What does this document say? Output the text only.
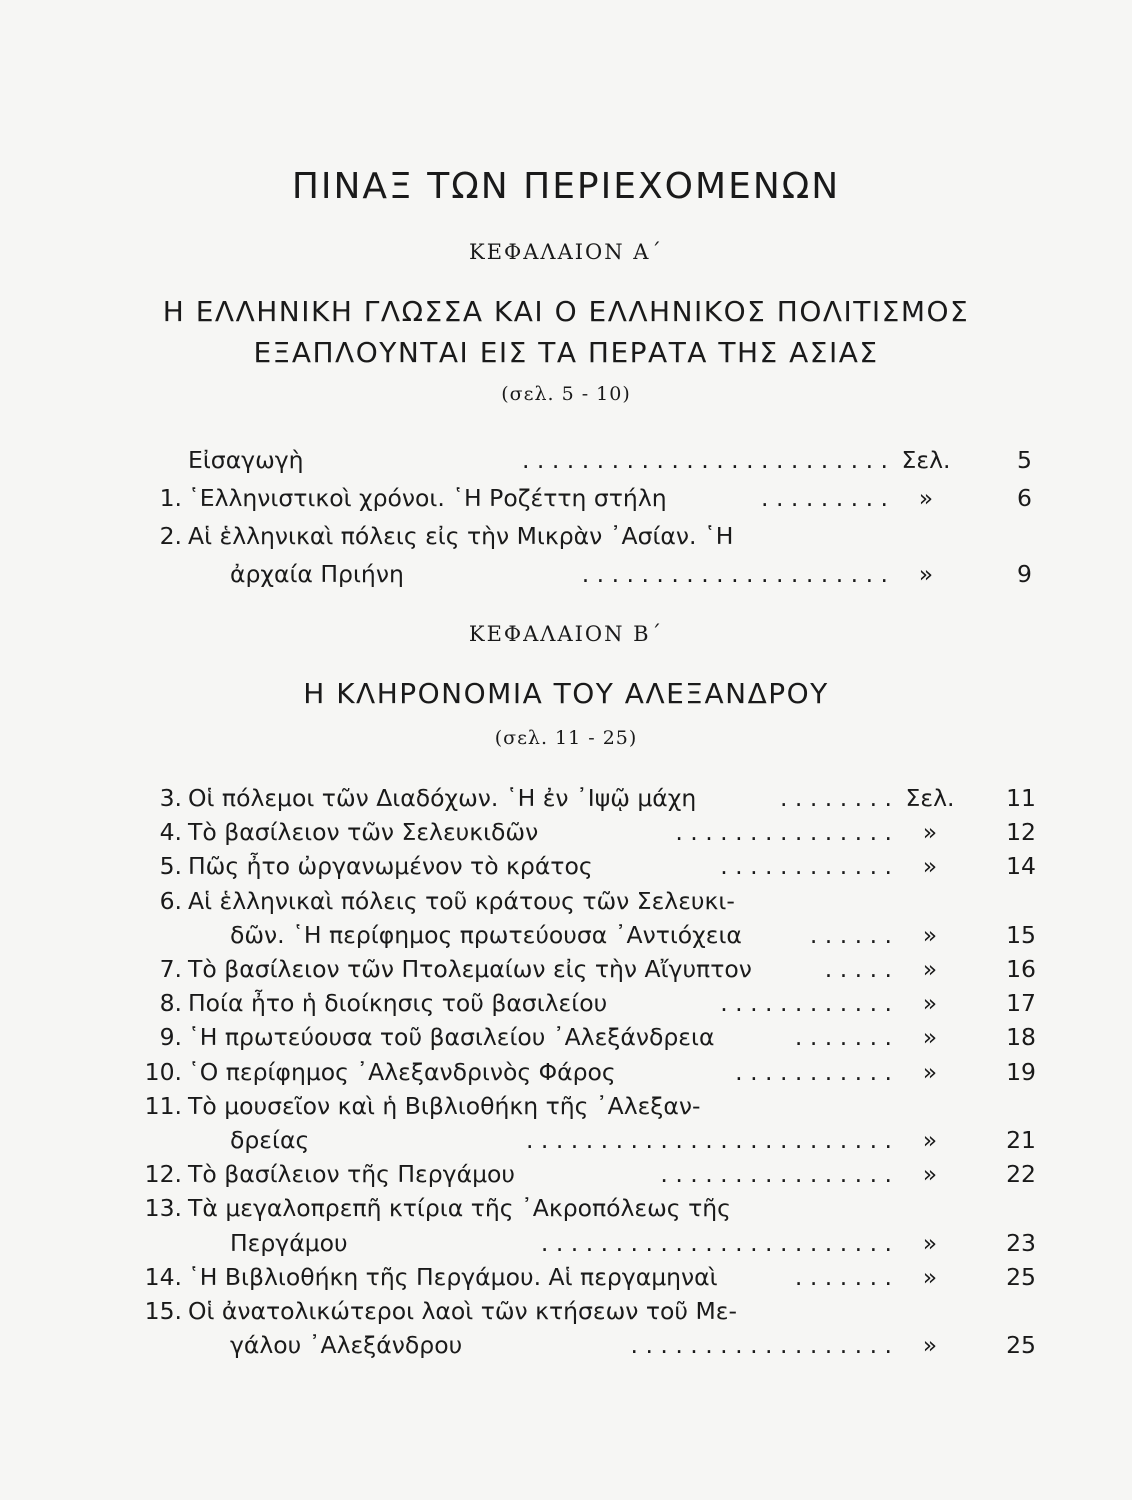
ΠΙΝΑΞ ΤΩΝ ΠΕΡΙΕΧΟΜΕΝΩΝ
ΚΕΦΑΛΑΙΟΝ Α΄
Η ΕΛΛΗΝΙΚΗ ΓΛΩΣΣΑ ΚΑΙ Ο ΕΛΛΗΝΙΚΟΣ ΠΟΛΙΤΙΣΜΟΣ
ΕΞΑΠΛΟΥΝΤΑΙ ΕΙΣ ΤΑ ΠΕΡΑΤΑ ΤΗΣ ΑΣΙΑΣ
(σελ. 5 - 10)
Εἰσαγωγὴ	. . . . . . . . . . . . . . . . . . . . . . . . . Σελ.	5
1. ῾Ελληνιστικοὶ χρόνοι. ῾Η Ροζέττη στήλη	. . . . . . . . .	»	6
2. Αἱ ἑλληνικαὶ πόλεις εἰς τὴν Μικρὰν ᾿Ασίαν. ῾Η
ἀρχαία Πριήνη	. . . . . . . . . . . . . . . . . . . . .	»	9
ΚΕΦΑΛΑΙΟΝ Β΄
Η ΚΛΗΡΟΝΟΜΙΑ ΤΟΥ ΑΛΕΞΑΝΔΡΟΥ
(σελ. 11 - 25)
3. Οἱ πόλεμοι τῶν Διαδόχων. ῾Η ἐν ᾿Ιψῷ μάχη	. . . . . . . . Σελ.	11
4. Τὸ βασίλειον τῶν Σελευκιδῶν	. . . . . . . . . . . . . . .	»	12
5. Πῶς ἦτο ὠργανωμένον τὸ κράτος	. . . . . . . . . . . .	»	14
6. Αἱ ἑλληνικαὶ πόλεις τοῦ κράτους τῶν Σελευκι-
δῶν. ῾Η περίφημος πρωτεύουσα ᾿Αντιόχεια	. . . . . .	»	15
7. Τὸ βασίλειον τῶν Πτολεμαίων εἰς τὴν Αἴγυπτον	. . . . .	»	16
8. Ποία ἦτο ἡ διοίκησις τοῦ βασιλείου	. . . . . . . . . . . .	»	17
9. ῾Η πρωτεύουσα τοῦ βασιλείου ᾿Αλεξάνδρεια	. . . . . . .	»	18
10. ῾Ο περίφημος ᾿Αλεξανδρινὸς Φάρος	. . . . . . . . . . .	»	19
11. Τὸ μουσεῖον καὶ ἡ Βιβλιοθήκη τῆς ᾿Αλεξαν-
δρείας	. . . . . . . . . . . . . . . . . . . . . . . . .	»	21
12. Τὸ βασίλειον τῆς Περγάμου	. . . . . . . . . . . . . . . .	»	22
13. Τὰ μεγαλοπρεπῆ κτίρια τῆς ᾿Ακροπόλεως τῆς
Περγάμου	. . . . . . . . . . . . . . . . . . . . . . . .	»	23
14. ῾Η Βιβλιοθήκη τῆς Περγάμου. Αἱ περγαμηναὶ	. . . . . . .	»	25
15. Οἱ ἀνατολικώτεροι λαοὶ τῶν κτήσεων τοῦ Με-
γάλου ᾿Αλεξάνδρου	. . . . . . . . . . . . . . . . . .	»	25
